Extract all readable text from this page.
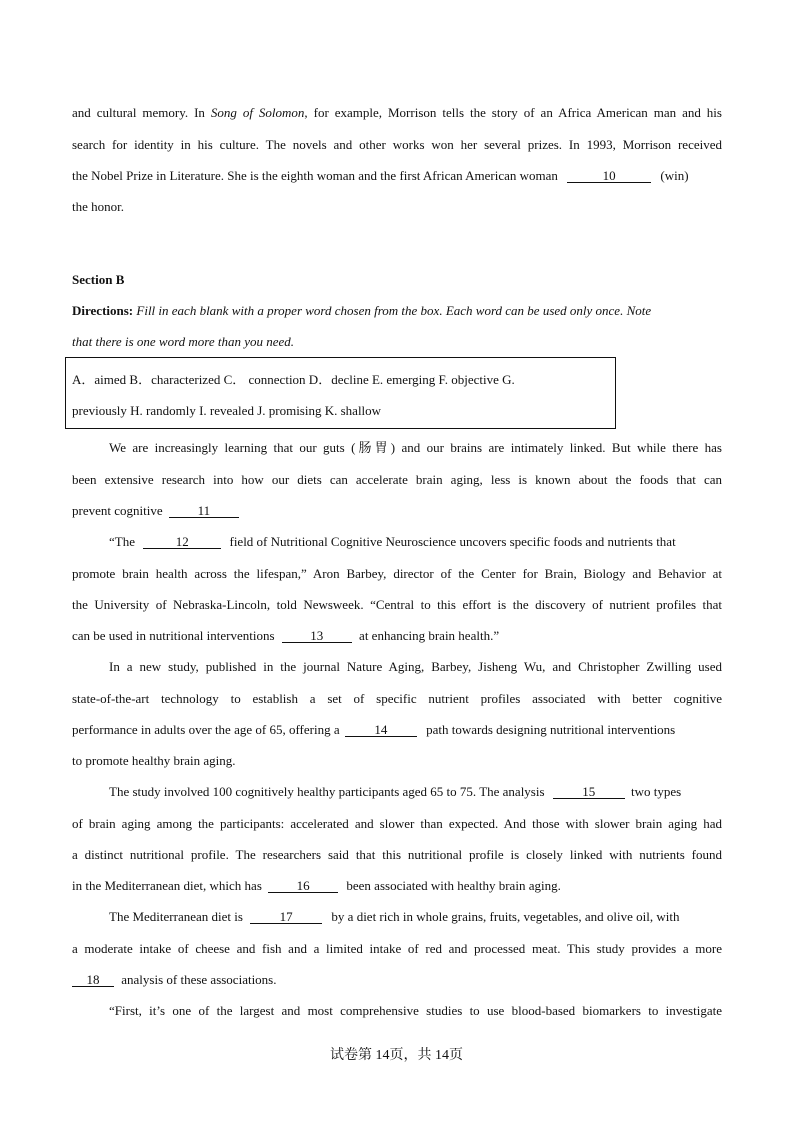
and cultural memory. In Song of Solomon, for example, Morrison tells the story of an Africa American man and his
search for identity in his culture. The novels and other works won her several prizes. In 1993, Morrison received
the Nobel Prize in Literature. She is the eighth woman and the first African American woman	10	(win)
the honor.
Section B
Directions: Fill in each blank with a proper word chosen from the box. Each word can be used only once. Note
that there is one word more than you need.
A．aimed B．characterized C． connection D．decline E. emerging F. objective G.
previously H. randomly I. revealed J. promising K. shallow
We are increasingly learning that our guts (肠胃) and our brains are intimately linked. But while there has
been extensive research into how our diets can accelerate brain aging, less is known about the foods that can
prevent cognitive 11
“The	12	field of Nutritional Cognitive Neuroscience uncovers specific foods and nutrients that
promote brain health across the lifespan,” Aron Barbey, director of the Center for Brain, Biology and Behavior at
the University of Nebraska-Lincoln, told Newsweek. “Central to this effort is the discovery of nutrient profiles that
can be used in nutritional interventions	13	at enhancing brain health.”
In a new study, published in the journal Nature Aging, Barbey, Jisheng Wu, and Christopher Zwilling used
state-of-the-art technology to establish a set of specific nutrient profiles associated with better cognitive
performance in adults over the age of 65, offering a 14	path towards designing nutritional interventions
to promote healthy brain aging.
The study involved 100 cognitively healthy participants aged 65 to 75. The analysis	15	two types
of brain aging among the participants: accelerated and slower than expected. And those with slower brain aging had
a distinct nutritional profile. The researchers said that this nutritional profile is closely linked with nutrients found
in the Mediterranean diet, which has 16	been associated with healthy brain aging.
The Mediterranean diet is	17	by a diet rich in whole grains, fruits, vegetables, and olive oil, with
a moderate intake of cheese and fish and a limited intake of red and processed meat. This study provides a more
18 analysis of these associations.
“First, it’s one of the largest and most comprehensive studies to use blood-based biomarkers to investigate
试卷第 14页，共 14页
